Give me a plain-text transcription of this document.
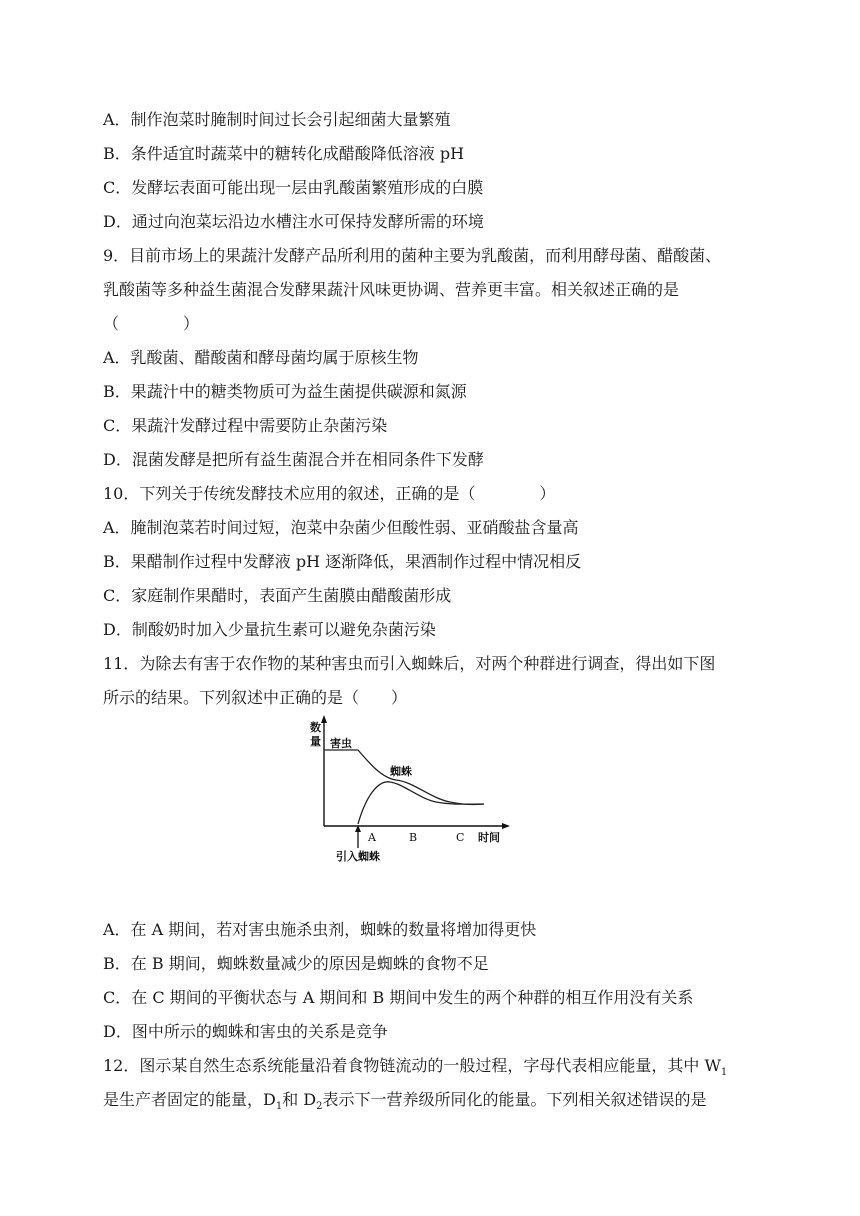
A．制作泡菜时腌制时间过长会引起细菌大量繁殖
B．条件适宜时蔬菜中的糖转化成醋酸降低溶液 pH
C．发酵坛表面可能出现一层由乳酸菌繁殖形成的白膜
D．通过向泡菜坛沿边水槽注水可保持发酵所需的环境
9．目前市场上的果蔬汁发酵产品所利用的菌种主要为乳酸菌，而利用酵母菌、醋酸菌、
乳酸菌等多种益生菌混合发酵果蔬汁风味更协调、营养更丰富。相关叙述正确的是
（　　　　）
A．乳酸菌、醋酸菌和酵母菌均属于原核生物
B．果蔬汁中的糖类物质可为益生菌提供碳源和氮源
C．果蔬汁发酵过程中需要防止杂菌污染
D．混菌发酵是把所有益生菌混合并在相同条件下发酵
10．下列关于传统发酵技术应用的叙述，正确的是（　　　　）
A．腌制泡菜若时间过短，泡菜中杂菌少但酸性弱、亚硝酸盐含量高
B．果醋制作过程中发酵液 pH 逐渐降低，果酒制作过程中情况相反
C．家庭制作果醋时，表面产生菌膜由醋酸菌形成
D．制酸奶时加入少量抗生素可以避免杂菌污染
11．为除去有害于农作物的某种害虫而引入蜘蛛后，对两个种群进行调查，得出如下图
所示的结果。下列叙述中正确的是（　　）
数
量 害虫
蜘蛛
A	B	C 时间
引入蜘蛛
A．在 A 期间，若对害虫施杀虫剂，蜘蛛的数量将增加得更快
B．在 B 期间，蜘蛛数量减少的原因是蜘蛛的食物不足
C．在 C 期间的平衡状态与 A 期间和 B 期间中发生的两个种群的相互作用没有关系
D．图中所示的蜘蛛和害虫的关系是竞争
12．图示某自然生态系统能量沿着食物链流动的一般过程，字母代表相应能量，其中 $W_1$
是生产者固定的能量，$D_1$和 $D_2$表示下一营养级所同化的能量。下列相关叙述错误的是
